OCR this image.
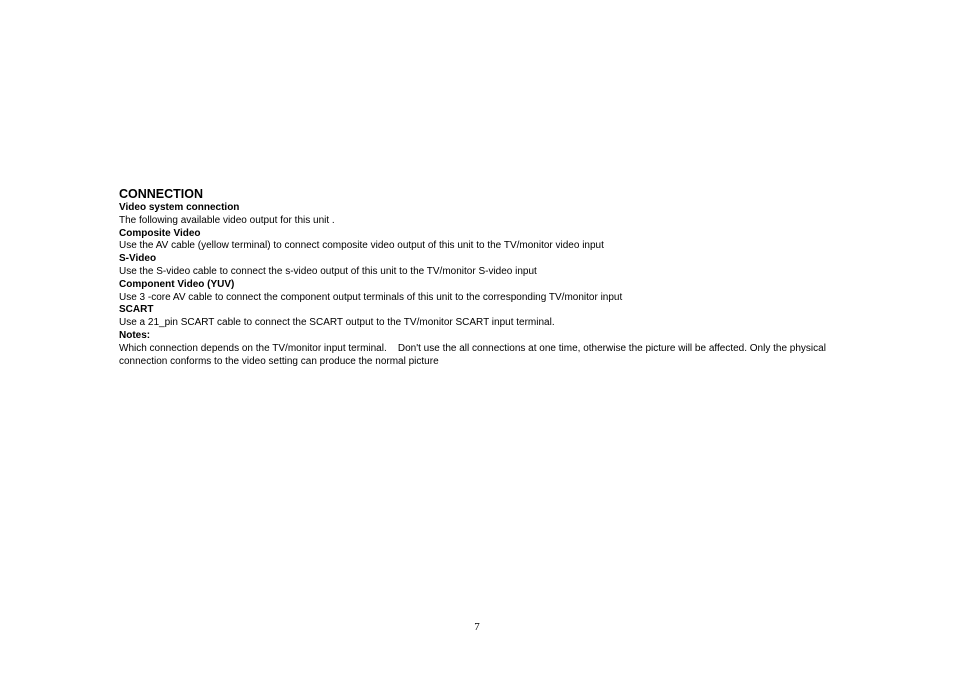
CONNECTION
Video system connection
The following available video output for this unit .
Composite Video
Use the AV cable (yellow terminal) to connect composite video output of this unit to the TV/monitor video input
S-Video
Use the S-video cable to connect the s-video output of this unit to the TV/monitor S-video input
Component Video (YUV)
Use 3 -core AV cable to connect the component output terminals of this unit to the corresponding TV/monitor input
SCART
Use a 21_pin SCART cable to connect the SCART output to the TV/monitor SCART input terminal.
Notes:
Which connection depends on the TV/monitor input terminal.    Don't use the all connections at one time, otherwise the picture will be affected. Only the physical connection conforms to the video setting can produce the normal picture
7
